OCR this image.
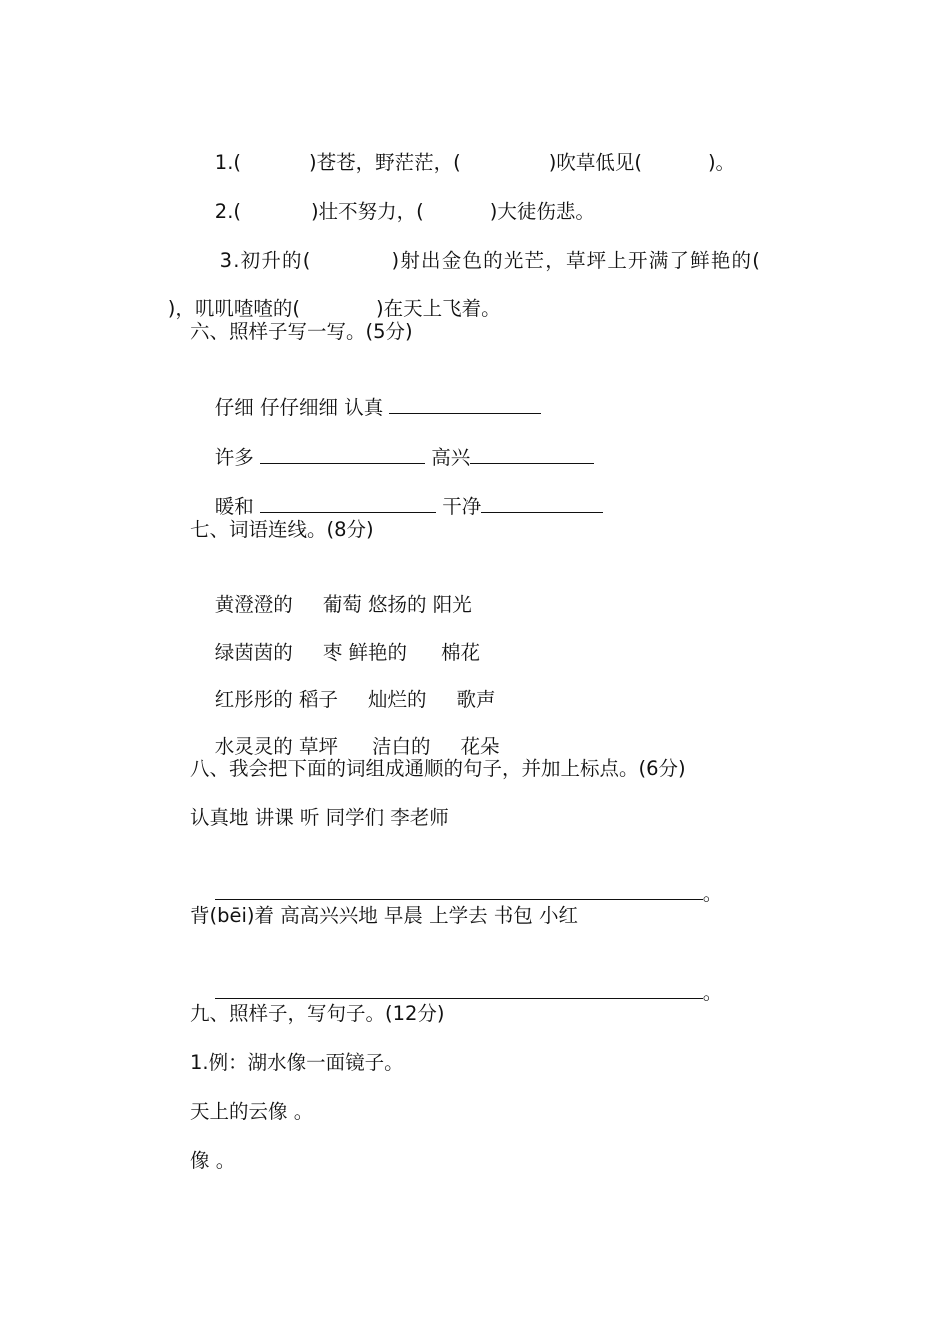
1.(	)苍苍，野茫茫，(	)吹草低见(	)。

2.(	)壮不努力，(	)大徒伤悲。

3.初升的(	)射出金色的光芒，草坪上开满了鲜艳的(

)，叽叽喳喳的(	)在天上飞着。

六、照样子写一写。(5分)

仔细 仔仔细细 认真

许多	高兴

暖和	干净

七、词语连线。(8分)

黄澄澄的 葡萄 悠扬的 阳光

绿茵茵的 枣 鲜艳的 棉花

红彤彤的 稻子 灿烂的 歌声

水灵灵的 草坪 洁白的 花朵

八、我会把下面的词组成通顺的句子，并加上标点。(6分)
认真地 讲课 听 同学们 李老师

。

背(bēi)着 高高兴兴地 早晨 上学去 书包 小红

。

九、照样子，写句子。(12分)
1.例：湖水像一面镜子。
天上的云像 。
像 。
